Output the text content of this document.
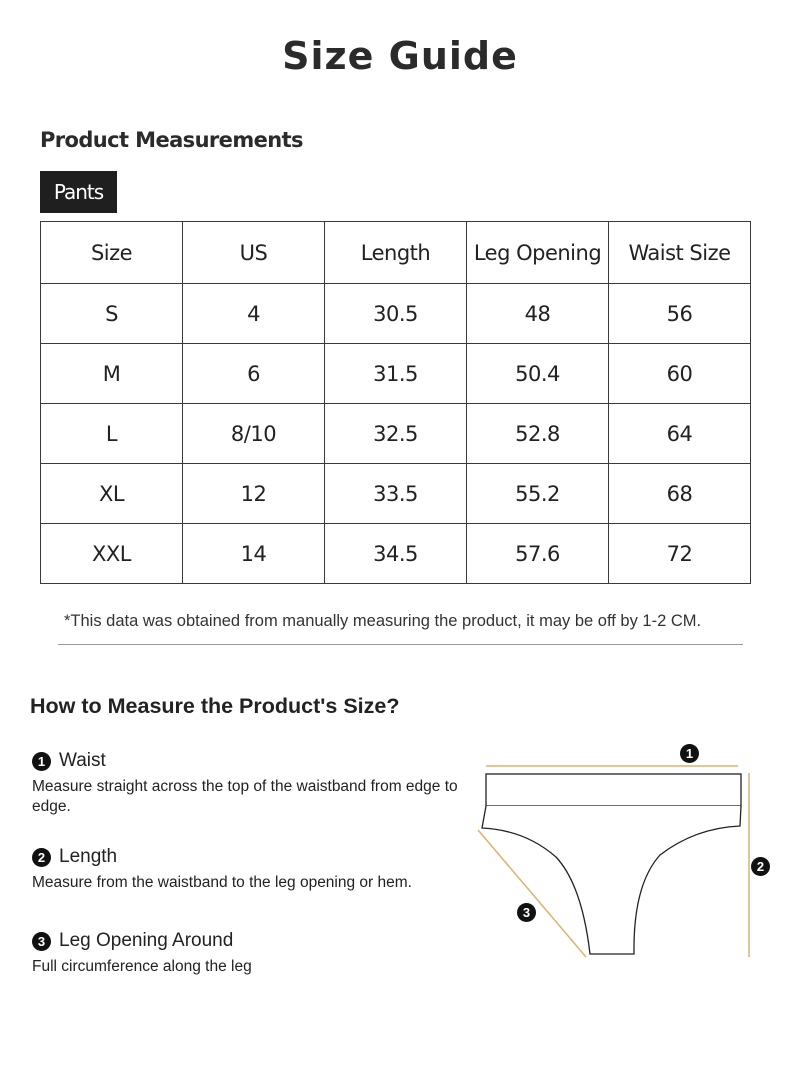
Size Guide
Product Measurements
Pants
Size	US	Length	Leg Opening	Waist Size
S	4	30.5	48	56
M	6	31.5	50.4	60
L	8/10	32.5	52.8	64
XL	12	33.5	55.2	68
XXL	14	34.5	57.6	72

*This data was obtained from manually measuring the product, it may be off by 1-2 CM.

How to Measure the Product's Size?
1 Waist
Measure straight across the top of the waistband from edge to edge.
2 Length
Measure from the waistband to the leg opening or hem.
3 Leg Opening Around
Full circumference along the leg
1
2
3
